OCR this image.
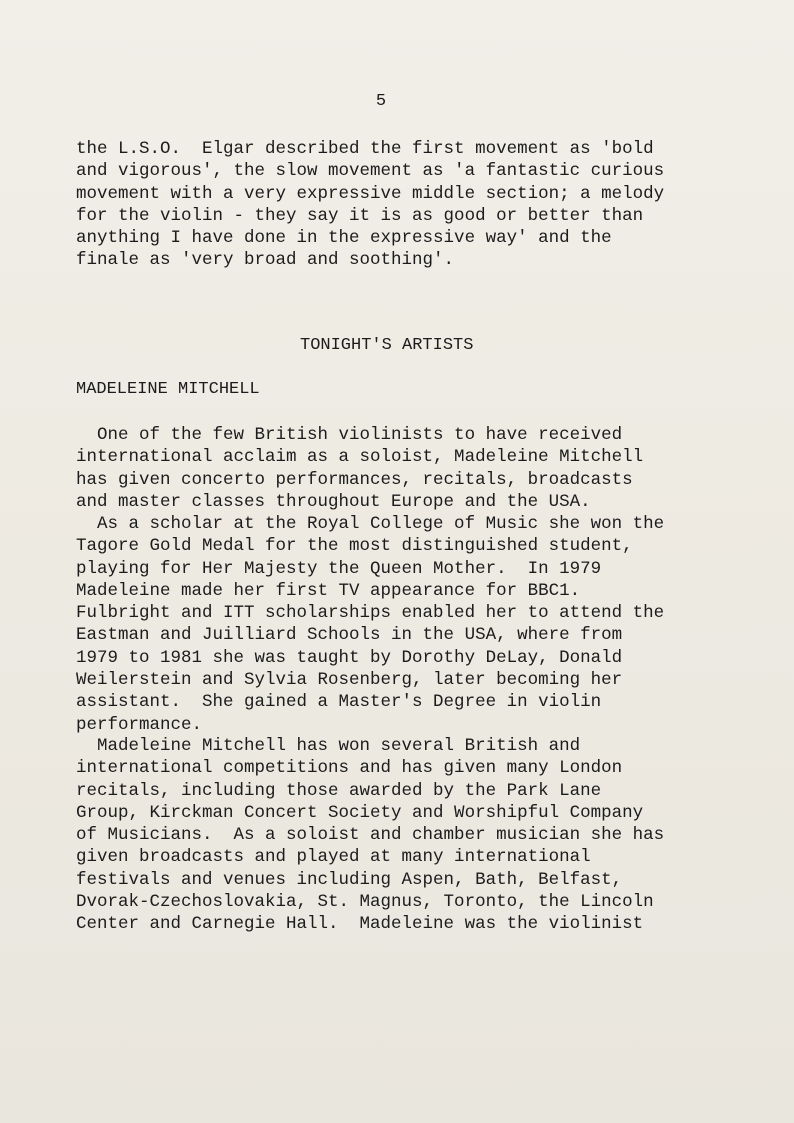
5

the L.S.O.  Elgar described the first movement as 'bold
and vigorous', the slow movement as 'a fantastic curious
movement with a very expressive middle section; a melody
for the violin - they say it is as good or better than
anything I have done in the expressive way' and the
finale as 'very broad and soothing'.

TONIGHT'S ARTISTS
MADELEINE MITCHELL

One of the few British violinists to have received
international acclaim as a soloist, Madeleine Mitchell
has given concerto performances, recitals, broadcasts
and master classes throughout Europe and the USA.

As a scholar at the Royal College of Music she won the
Tagore Gold Medal for the most distinguished student,
playing for Her Majesty the Queen Mother.  In 1979
Madeleine made her first TV appearance for BBC1.
Fulbright and ITT scholarships enabled her to attend the
Eastman and Juilliard Schools in the USA, where from
1979 to 1981 she was taught by Dorothy DeLay, Donald
Weilerstein and Sylvia Rosenberg, later becoming her
assistant.  She gained a Master's Degree in violin
performance.

Madeleine Mitchell has won several British and
international competitions and has given many London
recitals, including those awarded by the Park Lane
Group, Kirckman Concert Society and Worshipful Company
of Musicians.  As a soloist and chamber musician she has
given broadcasts and played at many international
festivals and venues including Aspen, Bath, Belfast,
Dvorak-Czechoslovakia, St. Magnus, Toronto, the Lincoln
Center and Carnegie Hall.  Madeleine was the violinist
